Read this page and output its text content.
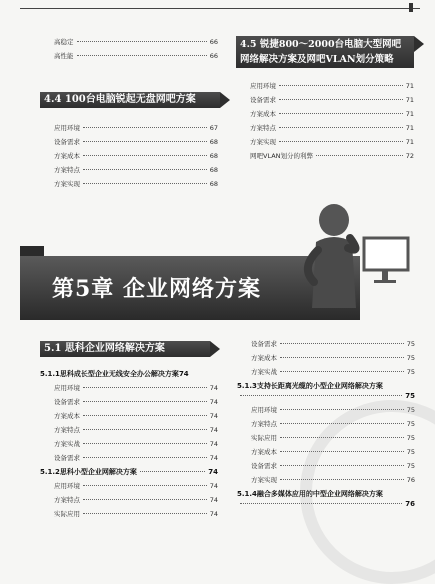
高稳定	66
高性能	66
4.4 100台电脑锐起无盘网吧方案
应用环境	67
设备需求	68
方案成本	68
方案特点	68
方案实现	68
4.5 锐捷800～2000台电脑大型网吧
网络解决方案及网吧VLAN划分策略
应用环境	71
设备需求	71
方案成本	71
方案特点	71
方案实现	71
网吧VLAN划分的利弊	72
第5章 企业网络方案
5.1 思科企业网络解决方案
5.1.1思科成长型企业无线安全办公解决方案 74
应用环境	74
设备需求	74
方案成本	74
方案特点	74
方案实战	74
设备需求	74
5.1.2思科小型企业网解决方案	74
应用环境	74
方案特点	74
实际应用	74
设备需求	75
方案成本	75
方案实战	75
5.1.3支持长距离光缆的小型企业网络解决方案
75
应用环境	75
方案特点	75
实际应用	75
方案成本	75
设备需求	75
方案实现	76
5.1.4融合多媒体应用的中型企业网络解决方案
76
